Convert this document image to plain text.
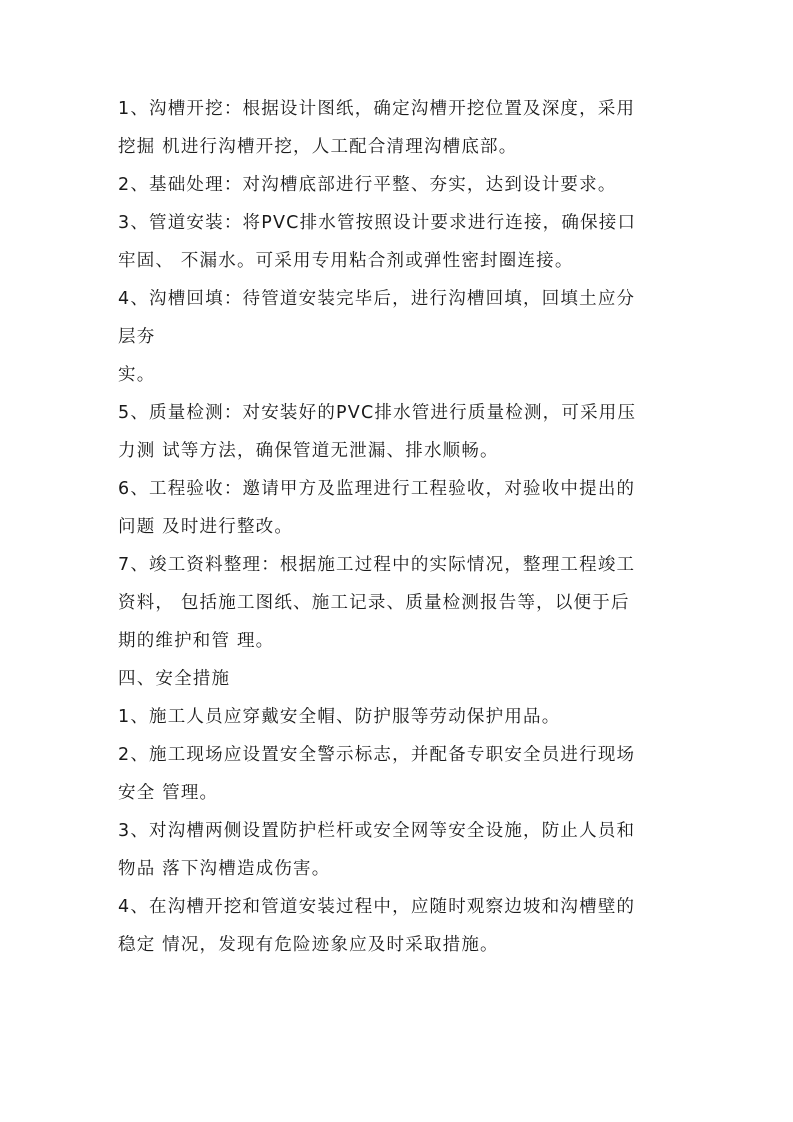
1、沟槽开挖：根据设计图纸，确定沟槽开挖位置及深度，采用
挖掘 机进行沟槽开挖，人工配合清理沟槽底部。
2、基础处理：对沟槽底部进行平整、夯实，达到设计要求。
3、管道安装：将PVC排水管按照设计要求进行连接，确保接口
牢固、 不漏水。可采用专用粘合剂或弹性密封圈连接。
4、沟槽回填：待管道安装完毕后，进行沟槽回填，回填土应分
层夯
实。
5、质量检测：对安装好的PVC排水管进行质量检测，可采用压
力测 试等方法，确保管道无泄漏、排水顺畅。
6、工程验收：邀请甲方及监理进行工程验收，对验收中提出的
问题 及时进行整改。
7、竣工资料整理：根据施工过程中的实际情况，整理工程竣工
资料， 包括施工图纸、施工记录、质量检测报告等，以便于后
期的维护和管 理。
四、安全措施
1、施工人员应穿戴安全帽、防护服等劳动保护用品。
2、施工现场应设置安全警示标志，并配备专职安全员进行现场
安全 管理。
3、对沟槽两侧设置防护栏杆或安全网等安全设施，防止人员和
物品 落下沟槽造成伤害。
4、在沟槽开挖和管道安装过程中，应随时观察边坡和沟槽壁的
稳定 情况，发现有危险迹象应及时采取措施。
